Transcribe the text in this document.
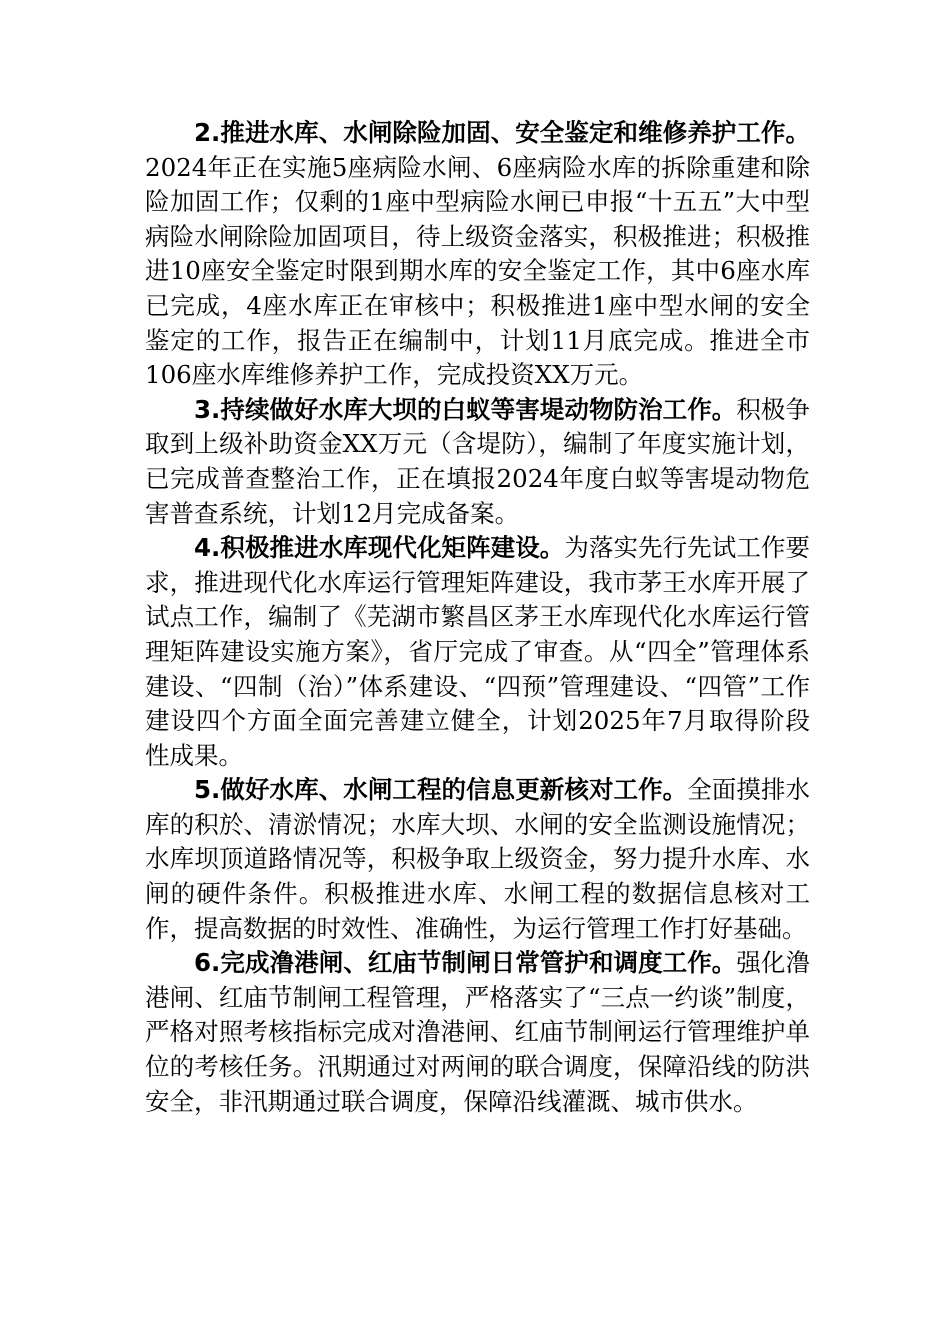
2.推进水库、水闸除险加固、安全鉴定和维修养护工作。2024年正在实施5座病险水闸、6座病险水库的拆除重建和除险加固工作；仅剩的1座中型病险水闸已申报“十五五”大中型病险水闸除险加固项目，待上级资金落实，积极推进；积极推进10座安全鉴定时限到期水库的安全鉴定工作，其中6座水库已完成，4座水库正在审核中；积极推进1座中型水闸的安全鉴定的工作，报告正在编制中，计划11月底完成。推进全市106座水库维修养护工作，完成投资XX万元。

3.持续做好水库大坝的白蚁等害堤动物防治工作。积极争取到上级补助资金XX万元（含堤防），编制了年度实施计划，已完成普查整治工作，正在填报2024年度白蚁等害堤动物危害普查系统，计划12月完成备案。

4.积极推进水库现代化矩阵建设。为落实先行先试工作要求，推进现代化水库运行管理矩阵建设，我市茅王水库开展了试点工作，编制了《芜湖市繁昌区茅王水库现代化水库运行管理矩阵建设实施方案》，省厅完成了审查。从“四全”管理体系建设、“四制（治）”体系建设、“四预”管理建设、“四管”工作建设四个方面全面完善建立健全，计划2025年7月取得阶段性成果。

5.做好水库、水闸工程的信息更新核对工作。全面摸排水库的积於、清淤情况；水库大坝、水闸的安全监测设施情况；水库坝顶道路情况等，积极争取上级资金，努力提升水库、水闸的硬件条件。积极推进水库、水闸工程的数据信息核对工作，提高数据的时效性、准确性，为运行管理工作打好基础。

6.完成澛港闸、红庙节制闸日常管护和调度工作。强化澛港闸、红庙节制闸工程管理，严格落实了“三点一约谈”制度，严格对照考核指标完成对澛港闸、红庙节制闸运行管理维护单位的考核任务。汛期通过对两闸的联合调度，保障沿线的防洪安全，非汛期通过联合调度，保障沿线灌溉、城市供水。
